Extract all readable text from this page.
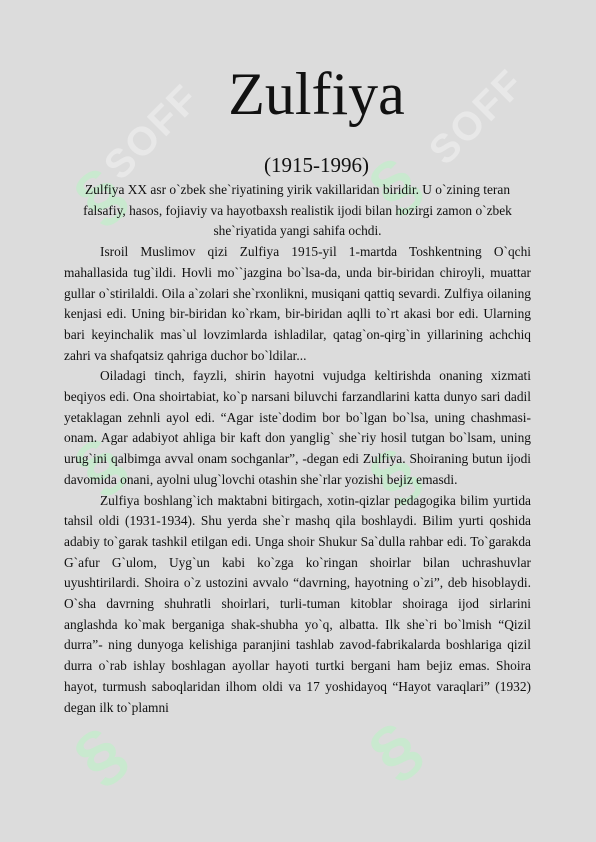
SOFF	SOFF
§	§
§	§
§	§
Zulfiya
(1915-1996)

Zulfiya XX asr o`zbek she`riyatining yirik vakillaridan biridir. U o`zining teran falsafiy, hasos, fojiaviy va hayotbaxsh realistik ijodi bilan hozirgi zamon o`zbek she`riyatida yangi sahifa ochdi.

Isroil Muslimov qizi Zulfiya 1915-yil 1-martda Toshkentning O`qchi mahallasida tug`ildi. Hovli mo``jazgina bo`lsa-da, unda bir-biridan chiroyli, muattar gullar o`stirilaldi. Oila a`zolari she`rxonlikni, musiqani qattiq sevardi. Zulfiya oilaning kenjasi edi. Uning bir-biridan ko`rkam, bir-biridan aqlli to`rt akasi bor edi. Ularning bari keyinchalik mas`ul lovzimlarda ishladilar, qatag`on-qirg`in yillarining achchiq zahri va shafqatsiz qahriga duchor bo`ldilar...

Oiladagi tinch, fayzli, shirin hayotni vujudga keltirishda onaning xizmati beqiyos edi. Ona shoirtabiat, ko`p narsani biluvchi farzandlarini katta dunyo sari dadil yetaklagan zehnli ayol edi. “Agar iste`dodim bor bo`lgan bo`lsa, uning chashmasi-onam. Agar adabiyot ahliga bir kaft don yanglig` she`riy hosil tutgan bo`lsam, uning urug`ini qalbimga avval onam sochganlar”, -degan edi Zulfiya. Shoiraning butun ijodi davomida onani, ayolni ulug`lovchi otashin she`rlar yozishi bejiz emasdi.

Zulfiya boshlang`ich maktabni bitirgach, xotin-qizlar pedagogika bilim yurtida tahsil oldi (1931-1934). Shu yerda she`r mashq qila boshlaydi. Bilim yurti qoshida adabiy to`garak tashkil etilgan edi. Unga shoir Shukur Sa`dulla rahbar edi. To`garakda G`afur G`ulom, Uyg`un kabi ko`zga ko`ringan shoirlar bilan uchrashuvlar uyushtirilardi. Shoira o`z ustozini avvalo “davrning, hayotning o`zi”, deb hisoblaydi. O`sha davrning shuhratli shoirlari, turli-tuman kitoblar shoiraga ijod sirlarini anglashda ko`mak berganiga shak-shubha yo`q, albatta. Ilk she`ri bo`lmish “Qizil durra”- ning dunyoga kelishiga paranjini tashlab zavod-fabrikalarda boshlariga qizil durra o`rab ishlay boshlagan ayollar hayoti turtki bergani ham bejiz emas. Shoira hayot, turmush saboqlaridan ilhom oldi va 17 yoshidayoq “Hayot varaqlari” (1932) degan ilk to`plamni
